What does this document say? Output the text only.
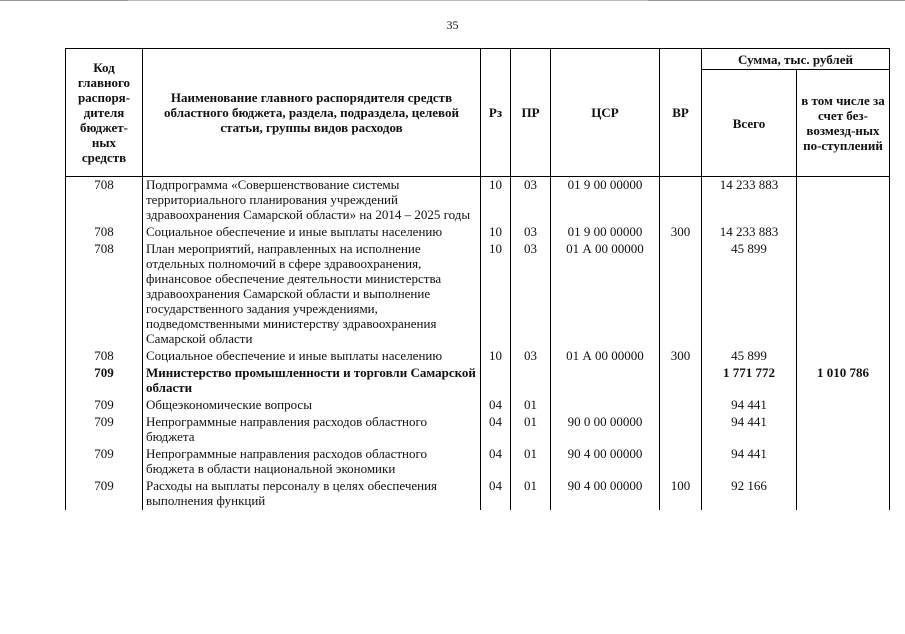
35
Код главного распоря-дителя бюджет-ных средств	Наименование главного распорядителя средств областного бюджета, раздела, подраздела, целевой статьи, группы видов расходов	Рз	ПР	ЦСР	ВР	Сумма, тыс. рублей	
						Всего	в том числе за счет без-возмезд-ных по-ступлений
708	Подпрограмма «Совершенствование системы территориального планирования учреждений здравоохранения Самарской области» на 2014 – 2025 годы	10	03	01 9 00 00000		14 233 883	
708	Социальное обеспечение и иные выплаты населению	10	03	01 9 00 00000	300	14 233 883	
708	План мероприятий, направленных на исполнение отдельных полномочий в сфере здравоохранения, финансовое обеспечение деятельности министерства здравоохранения Самарской области и выполнение государственного задания учреждениями, подведомственными министерству здравоохранения Самарской области	10	03	01 А 00 00000		45 899	
708	Социальное обеспечение и иные выплаты населению	10	03	01 А 00 00000	300	45 899	
709	Министерство промышленности и торговли Самарской области					1 771 772	1 010 786
709	Общеэкономические вопросы	04	01			94 441	
709	Непрограммные направления расходов областного бюджета	04	01	90 0 00 00000		94 441	
709	Непрограммные направления расходов областного бюджета в области национальной экономики	04	01	90 4 00 00000		94 441	
709	Расходы на выплаты персоналу в целях обеспечения выполнения функций	04	01	90 4 00 00000	100	92 166	
